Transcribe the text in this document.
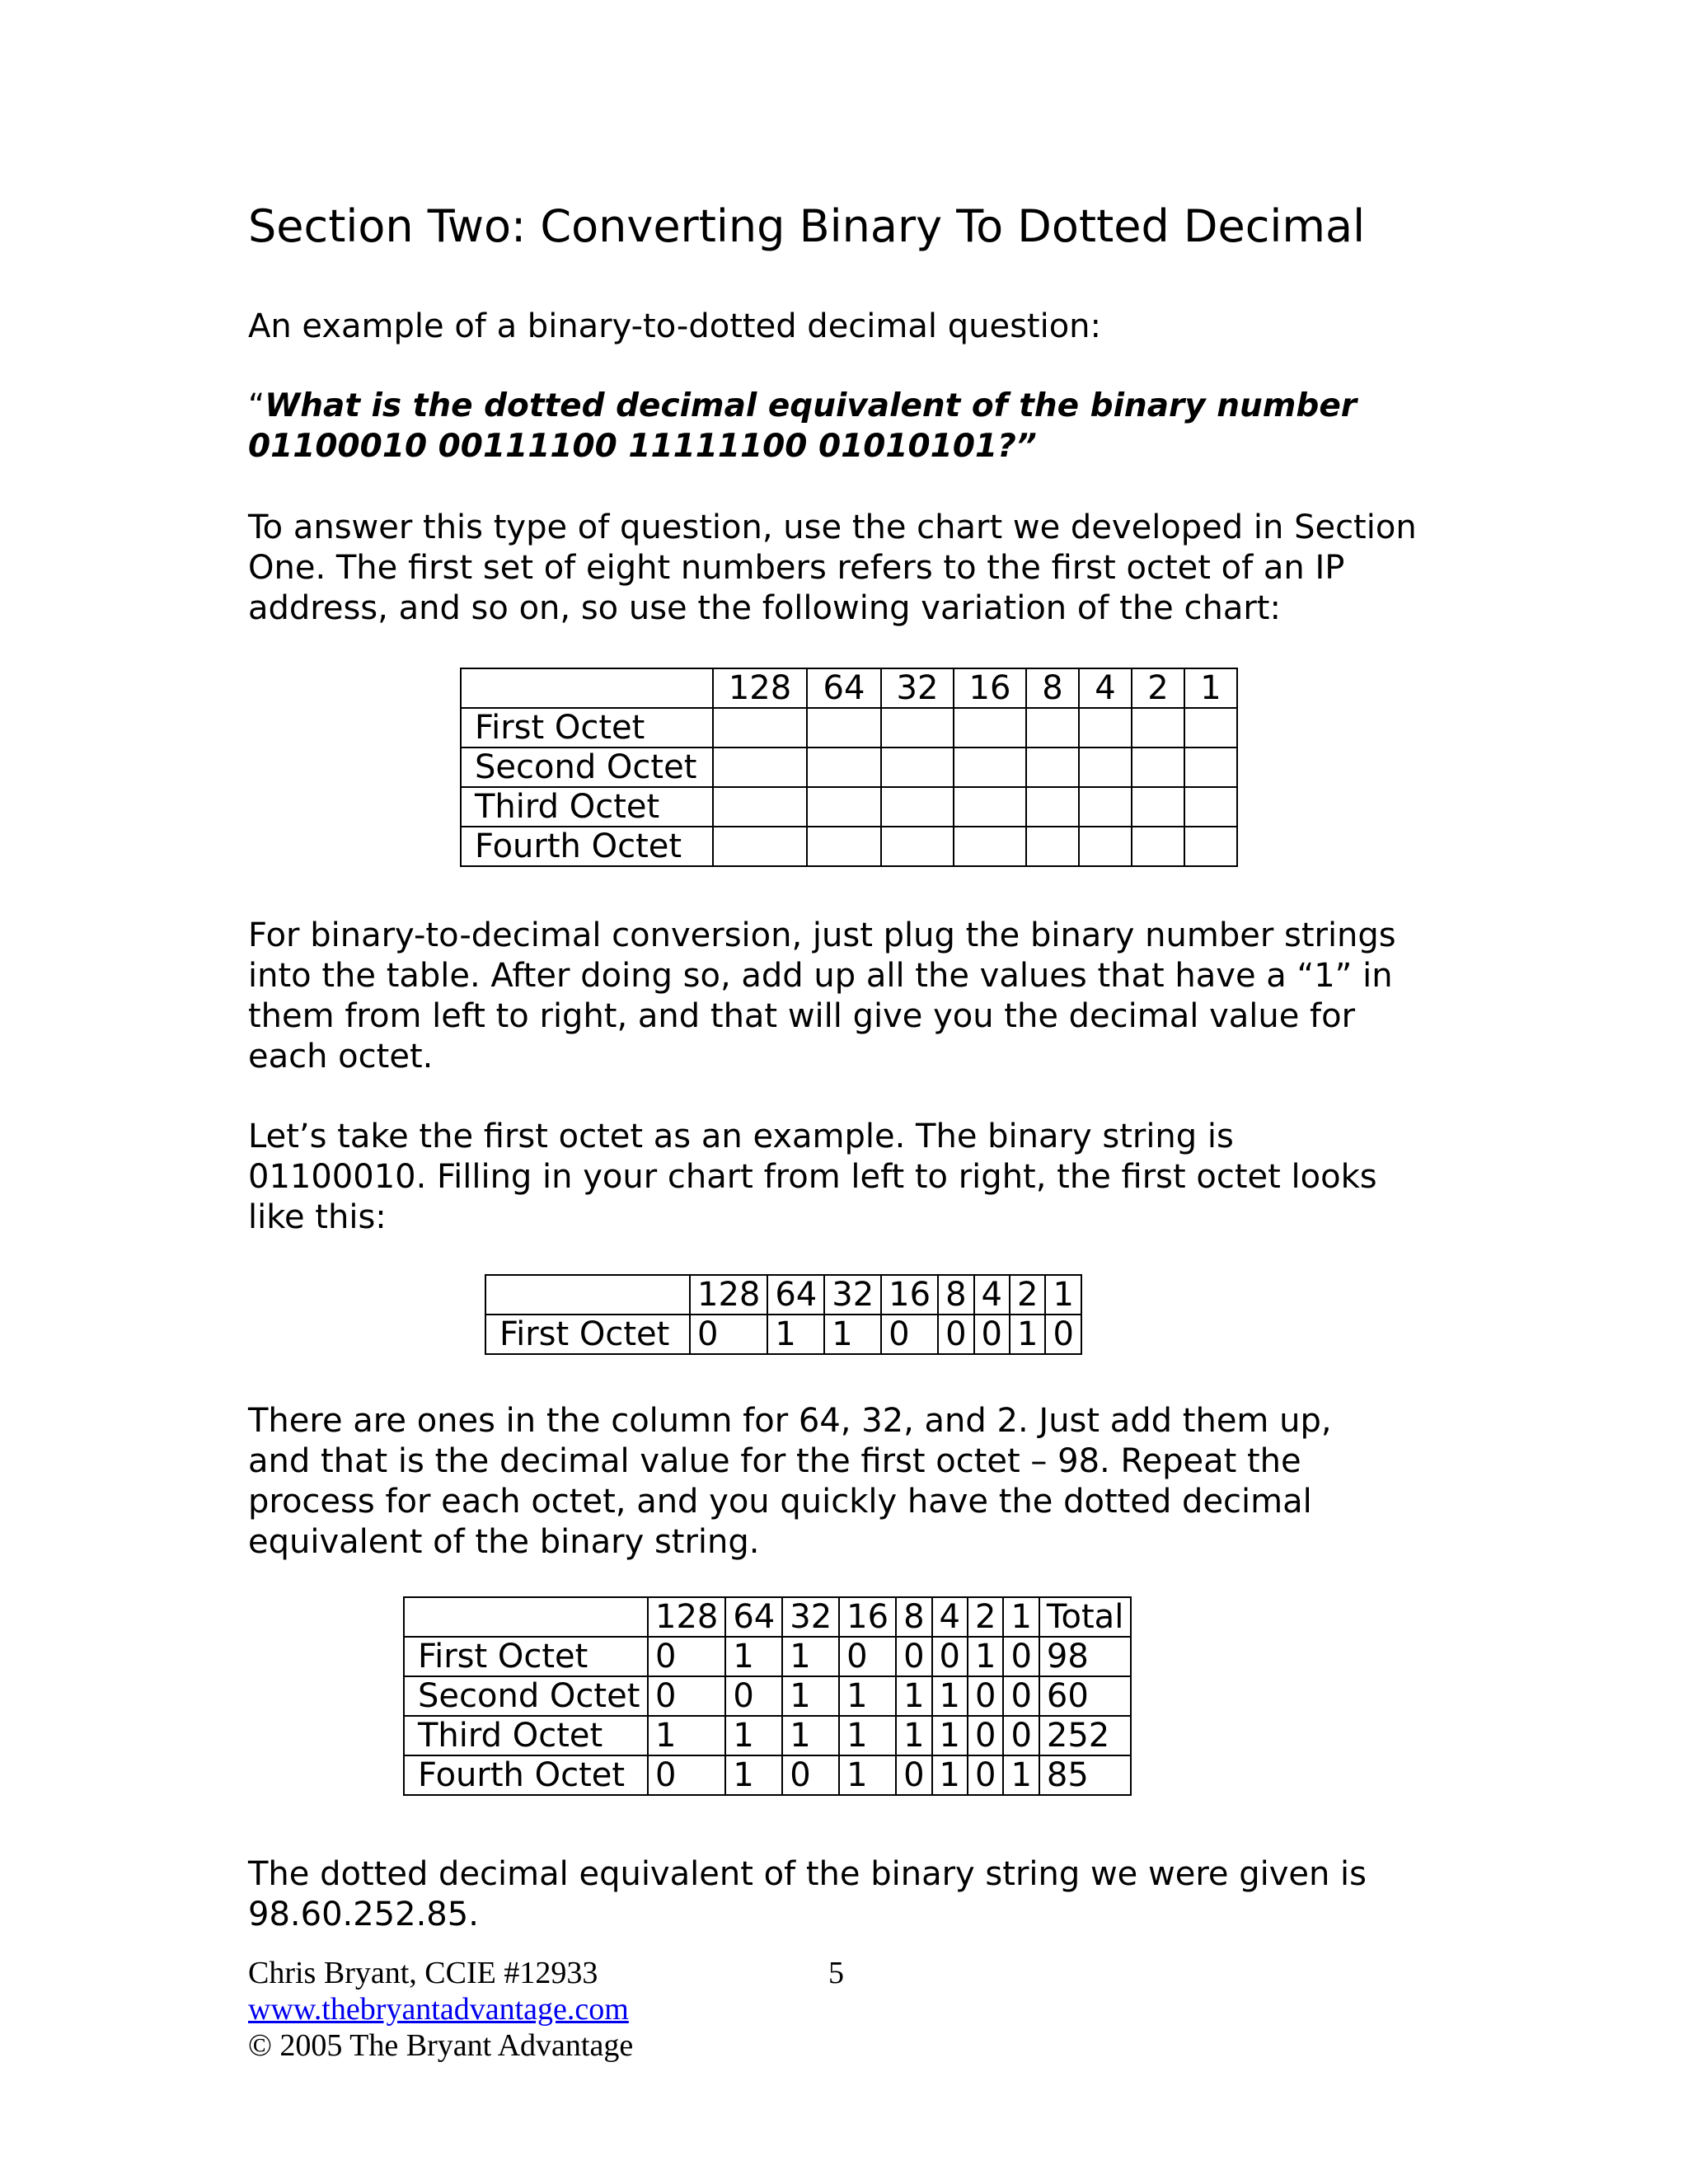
Section Two: Converting Binary To Dotted Decimal

An example of a binary-to-dotted decimal question:

“What is the dotted decimal equivalent of the binary number
01100010 00111100 11111100 01010101?”

To answer this type of question, use the chart we developed in Section
One. The first set of eight numbers refers to the first octet of an IP
address, and so on, so use the following variation of the chart:

	128	64	32	16	8	4	2	1
First Octet								
Second Octet								
Third Octet								
Fourth Octet								

For binary-to-decimal conversion, just plug the binary number strings
into the table. After doing so, add up all the values that have a “1” in
them from left to right, and that will give you the decimal value for
each octet.

Let’s take the first octet as an example. The binary string is
01100010. Filling in your chart from left to right, the first octet looks
like this:

	128	64	32	16	8	4	2	1
First Octet	0	1	1	0	0	0	1	0

There are ones in the column for 64, 32, and 2. Just add them up,
and that is the decimal value for the first octet – 98. Repeat the
process for each octet, and you quickly have the dotted decimal
equivalent of the binary string.

	128	64	32	16	8	4	2	1	Total
First Octet	0	1	1	0	0	0	1	0	98
Second Octet	0	0	1	1	1	1	0	0	60
Third Octet	1	1	1	1	1	1	0	0	252
Fourth Octet	0	1	0	1	0	1	0	1	85

The dotted decimal equivalent of the binary string we were given is
98.60.252.85.

Chris Bryant, CCIE #12933
www.thebryantadvantage.com
© 2005 The Bryant Advantage
5
